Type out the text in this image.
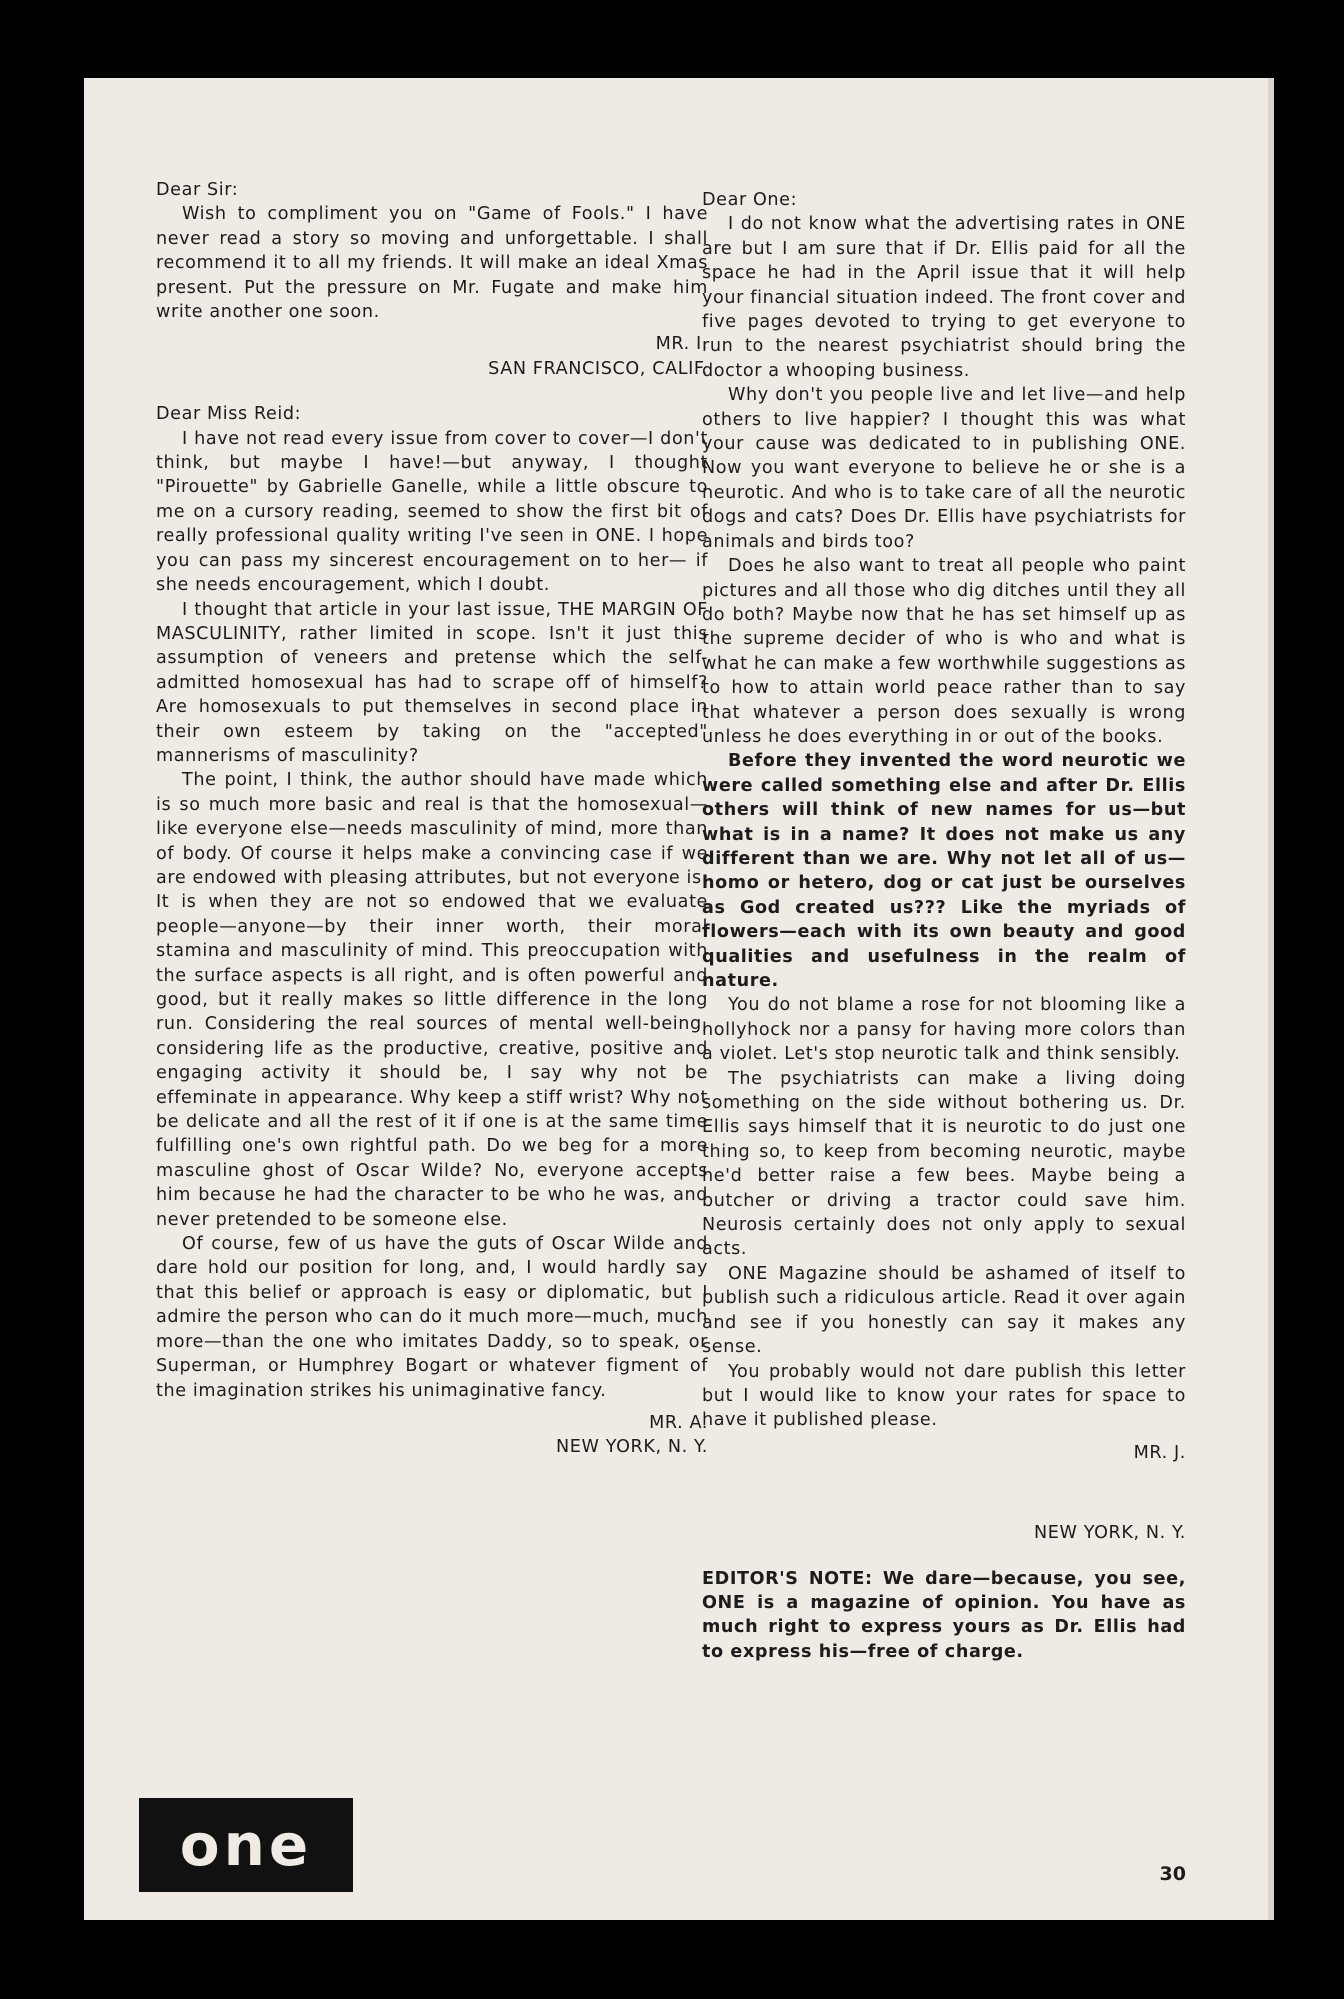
Dear Sir:

Wish to compliment you on "Game of Fools." I have never read a story so moving and unforgettable. I shall recommend it to all my friends. It will make an ideal Xmas present. Put the pressure on Mr. Fugate and make him write another one soon.

MR. I.

SAN FRANCISCO, CALIF.

Dear Miss Reid:

I have not read every issue from cover to cover—I don't think, but maybe I have!—but anyway, I thought "Pirouette" by Gabrielle Ganelle, while a little obscure to me on a cursory reading, seemed to show the first bit of really professional quality writing I've seen in ONE. I hope you can pass my sincerest encouragement on to her— if she needs encouragement, which I doubt.

I thought that article in your last issue, THE MARGIN OF MASCULINITY, rather limited in scope. Isn't it just this assumption of veneers and pretense which the self-admitted homosexual has had to scrape off of himself? Are homosexuals to put themselves in second place in their own esteem by taking on the "accepted" mannerisms of masculinity?

The point, I think, the author should have made which is so much more basic and real is that the homosexual—like everyone else—needs masculinity of mind, more than of body. Of course it helps make a convincing case if we are endowed with pleasing attributes, but not everyone is. It is when they are not so endowed that we evaluate people—anyone—by their inner worth, their moral stamina and masculinity of mind. This preoccupation with the surface aspects is all right, and is often powerful and good, but it really makes so little difference in the long run. Considering the real sources of mental well-being, considering life as the productive, creative, positive and engaging activity it should be, I say why not be effeminate in appearance. Why keep a stiff wrist? Why not be delicate and all the rest of it if one is at the same time fulfilling one's own rightful path. Do we beg for a more masculine ghost of Oscar Wilde? No, everyone accepts him because he had the character to be who he was, and never pretended to be someone else.

Of course, few of us have the guts of Oscar Wilde and dare hold our position for long, and, I would hardly say that this belief or approach is easy or diplomatic, but I admire the person who can do it much more—much, much more—than the one who imitates Daddy, so to speak, or Superman, or Humphrey Bogart or whatever figment of the imagination strikes his unimaginative fancy.

MR. A.

NEW YORK, N. Y.

Dear One:

I do not know what the advertising rates in ONE are but I am sure that if Dr. Ellis paid for all the space he had in the April issue that it will help your financial situation indeed. The front cover and five pages devoted to trying to get everyone to run to the nearest psychiatrist should bring the doctor a whooping business.

Why don't you people live and let live—and help others to live happier? I thought this was what your cause was dedicated to in publishing ONE. Now you want everyone to believe he or she is a neurotic. And who is to take care of all the neurotic dogs and cats? Does Dr. Ellis have psychiatrists for animals and birds too?

Does he also want to treat all people who paint pictures and all those who dig ditches until they all do both? Maybe now that he has set himself up as the supreme decider of who is who and what is what he can make a few worthwhile suggestions as to how to attain world peace rather than to say that whatever a person does sexually is wrong unless he does everything in or out of the books.

Before they invented the word neurotic we were called something else and after Dr. Ellis others will think of new names for us—but what is in a name? It does not make us any different than we are. Why not let all of us—homo or hetero, dog or cat just be ourselves as God created us??? Like the myriads of flowers—each with its own beauty and good qualities and usefulness in the realm of nature.

You do not blame a rose for not blooming like a hollyhock nor a pansy for having more colors than a violet. Let's stop neurotic talk and think sensibly.

The psychiatrists can make a living doing something on the side without bothering us. Dr. Ellis says himself that it is neurotic to do just one thing so, to keep from becoming neurotic, maybe he'd better raise a few bees. Maybe being a butcher or driving a tractor could save him. Neurosis certainly does not only apply to sexual acts.

ONE Magazine should be ashamed of itself to publish such a ridiculous article. Read it over again and see if you honestly can say it makes any sense.

You probably would not dare publish this letter but I would like to know your rates for space to have it published please.

MR. J.

NEW YORK, N. Y.

EDITOR'S NOTE: We dare—because, you see, ONE is a magazine of opinion. You have as much right to express yours as Dr. Ellis had to express his—free of charge.

one	30
